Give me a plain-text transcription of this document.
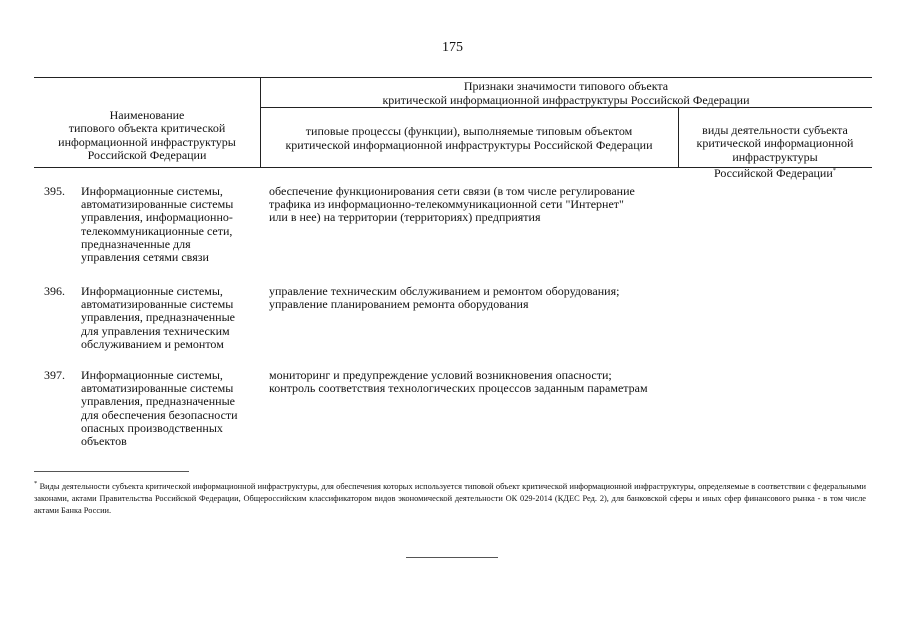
175

Наименование
типового объекта критической
информационной инфраструктуры
Российской Федерации

Признаки значимости типового объекта
критической информационной инфраструктуры Российской Федерации
типовые процессы (функции), выполняемые типовым объектом
критической информационной инфраструктуры Российской Федерации

виды деятельности субъекта
критической информационной
инфраструктуры
Российской Федерации*

395. Информационные системы,
автоматизированные системы
управления, информационно-
телекоммуникационные сети,
предназначенные для
управления сетями связи
обеспечение функционирования сети связи (в том числе регулирование
трафика из информационно-телекоммуникационной сети "Интернет"
или в нее) на территории (территориях) предприятия
396. Информационные системы,
автоматизированные системы
управления, предназначенные
для управления техническим
обслуживанием и ремонтом
управление техническим обслуживанием и ремонтом оборудования;
управление планированием ремонта оборудования
397. Информационные системы,
автоматизированные системы
управления, предназначенные
для обеспечения безопасности
опасных производственных
объектов
мониторинг и предупреждение условий возникновения опасности;
контроль соответствия технологических процессов заданным параметрам
* Виды деятельности субъекта критической информационной инфраструктуры, для обеспечения которых используется типовой объект критической информационной инфраструктуры, определяемые в соответствии с федеральными законами, актами Правительства Российской Федерации, Общероссийским классификатором видов экономической деятельности ОК 029-2014 (КДЕС Ред. 2), для банковской сферы и иных сфер финансового рынка - в том числе актами Банка России.
